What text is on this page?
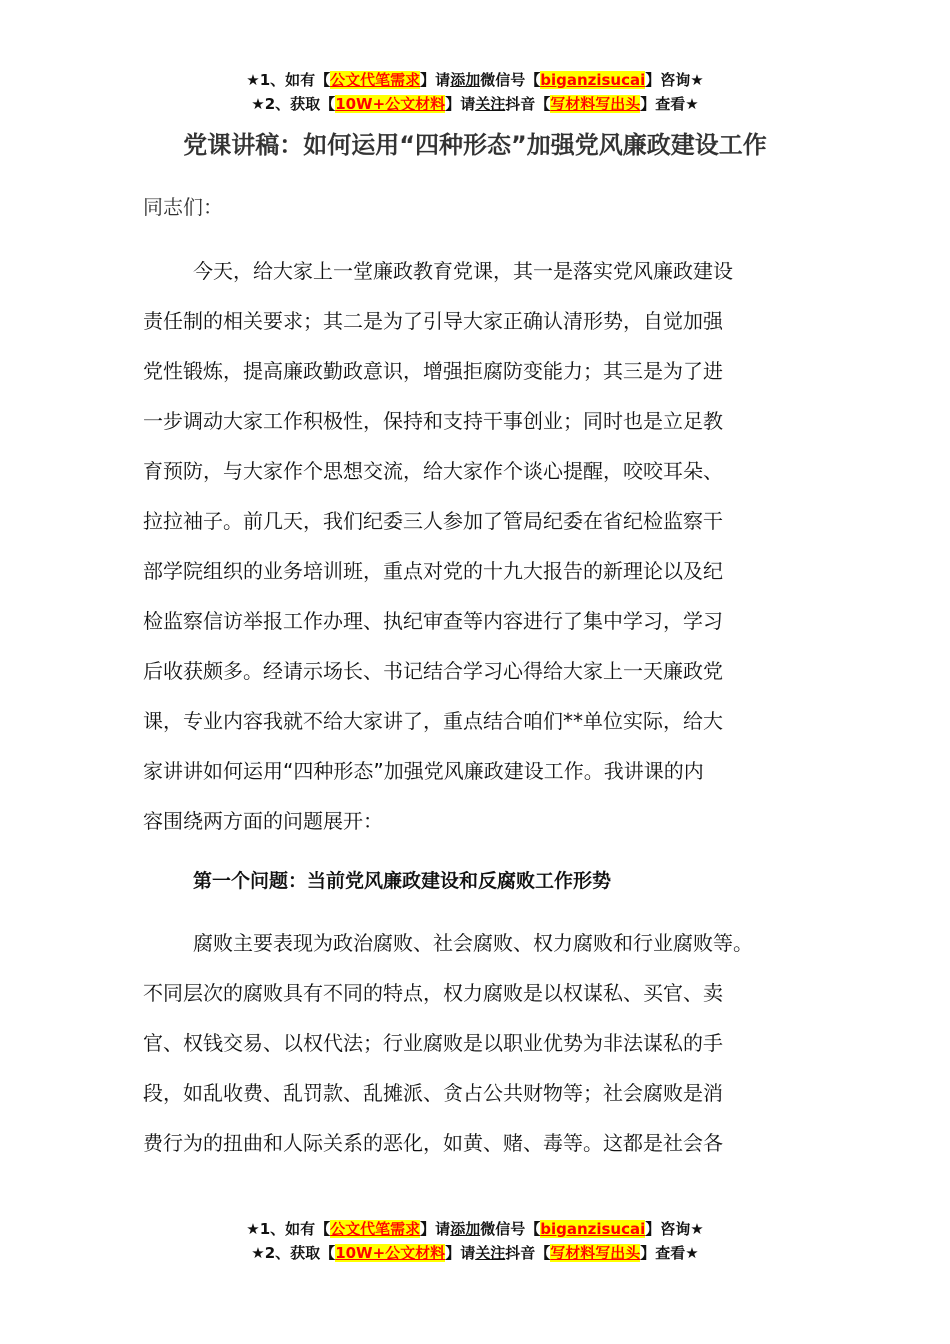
★1、如有【公文代笔需求】请添加微信号【biganzisucai】咨询★
★2、获取【10W+公文材料】请关注抖音【写材料写出头】查看★
党课讲稿：如何运用“四种形态”加强党风廉政建设工作
同志们：
今天，给大家上一堂廉政教育党课，其一是落实党风廉政建设
责任制的相关要求；其二是为了引导大家正确认清形势，自觉加强
党性锻炼，提高廉政勤政意识，增强拒腐防变能力；其三是为了进
一步调动大家工作积极性，保持和支持干事创业；同时也是立足教
育预防，与大家作个思想交流，给大家作个谈心提醒，咬咬耳朵、
拉拉袖子。前几天，我们纪委三人参加了管局纪委在省纪检监察干
部学院组织的业务培训班，重点对党的十九大报告的新理论以及纪
检监察信访举报工作办理、执纪审查等内容进行了集中学习，学习
后收获颇多。经请示场长、书记结合学习心得给大家上一天廉政党
课，专业内容我就不给大家讲了，重点结合咱们**单位实际，给大
家讲讲如何运用“四种形态”加强党风廉政建设工作。我讲课的内
容围绕两方面的问题展开：
第一个问题：当前党风廉政建设和反腐败工作形势
腐败主要表现为政治腐败、社会腐败、权力腐败和行业腐败等。
不同层次的腐败具有不同的特点，权力腐败是以权谋私、买官、卖
官、权钱交易、以权代法；行业腐败是以职业优势为非法谋私的手
段，如乱收费、乱罚款、乱摊派、贪占公共财物等；社会腐败是消
费行为的扭曲和人际关系的恶化，如黄、赌、毒等。这都是社会各
★1、如有【公文代笔需求】请添加微信号【biganzisucai】咨询★
★2、获取【10W+公文材料】请关注抖音【写材料写出头】查看★
